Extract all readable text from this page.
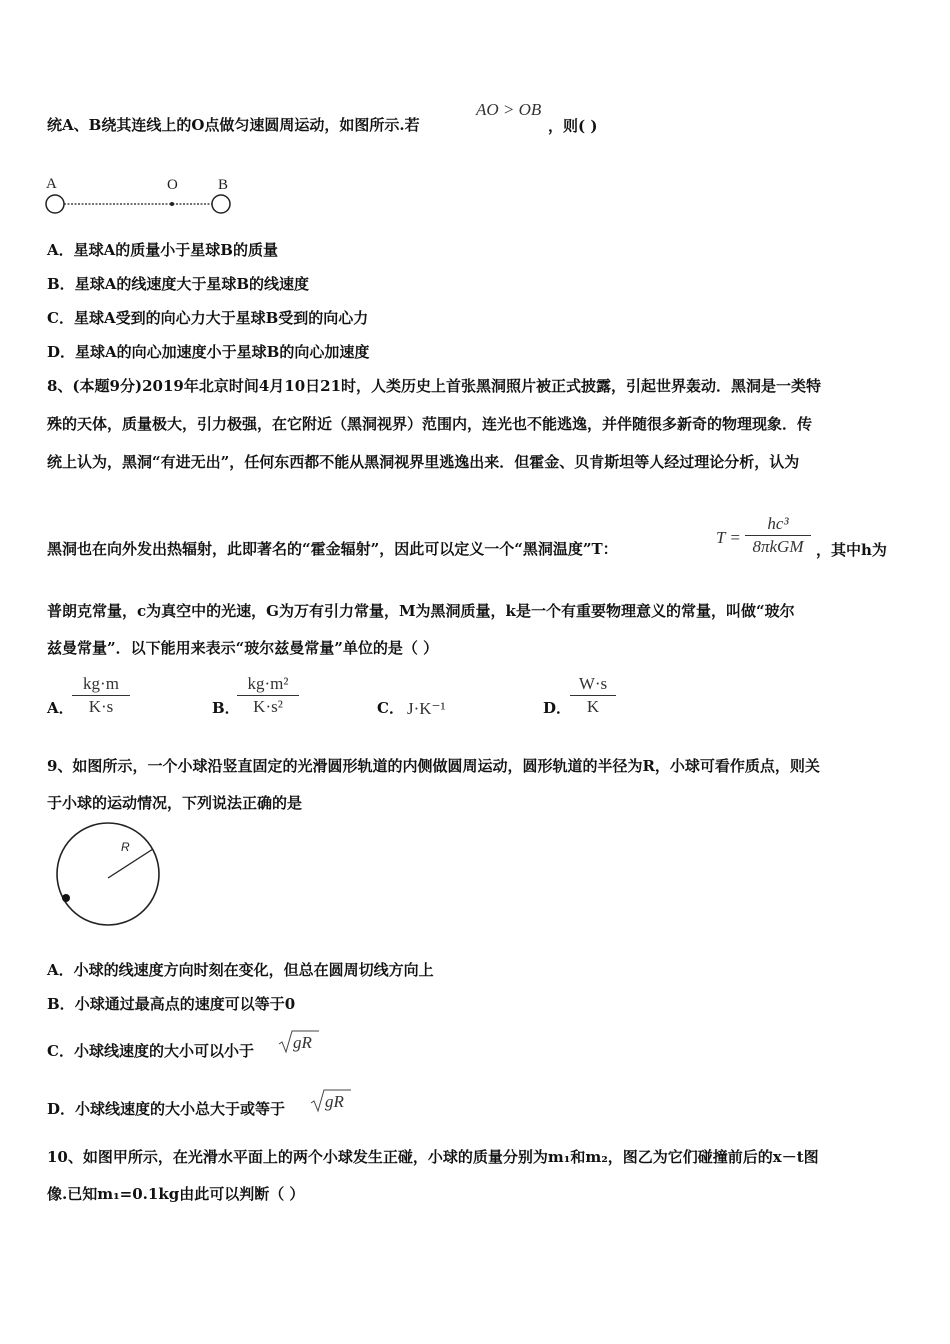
统A、B绕其连线上的O点做匀速圆周运动，如图所示.若
AO > OB
，则( )
A	O	B
A．星球A的质量小于星球B的质量
B．星球A的线速度大于星球B的线速度
C．星球A受到的向心力大于星球B受到的向心力
D．星球A的向心加速度小于星球B的向心加速度
8、(本题9分)2019年北京时间4月10日21时，人类历史上首张黑洞照片被正式披露，引起世界轰动．黑洞是一类特
殊的天体，质量极大，引力极强，在它附近（黑洞视界）范围内，连光也不能逃逸，并伴随很多新奇的物理现象．传
统上认为，黑洞“有进无出”，任何东西都不能从黑洞视界里逃逸出来．但霍金、贝肯斯坦等人经过理论分析，认为
黑洞也在向外发出热辐射，此即著名的“霍金辐射”，因此可以定义一个“黑洞温度”T：
T =
hc³
8πkGM ，其中h为
普朗克常量，c为真空中的光速，G为万有引力常量，M为黑洞质量，k是一个有重要物理意义的常量，叫做“玻尔
兹曼常量”．以下能用来表示“玻尔兹曼常量”单位的是（ ）
A．
kg·m
K·s	B．
kg·m²
K·s²	C． J·K⁻¹	D．
W·s
K
9、如图所示，一个小球沿竖直固定的光滑圆形轨道的内侧做圆周运动，圆形轨道的半径为R，小球可看作质点，则关
于小球的运动情况，下列说法正确的是
R
A．小球的线速度方向时刻在变化，但总在圆周切线方向上
B．小球通过最高点的速度可以等于0
C．小球线速度的大小可以小于 gR
D．小球线速度的大小总大于或等于 gR
10、如图甲所示，在光滑水平面上的两个小球发生正碰，小球的质量分别为m₁和m₂，图乙为它们碰撞前后的x－t图
像.已知m₁=0.1kg由此可以判断（ ）
